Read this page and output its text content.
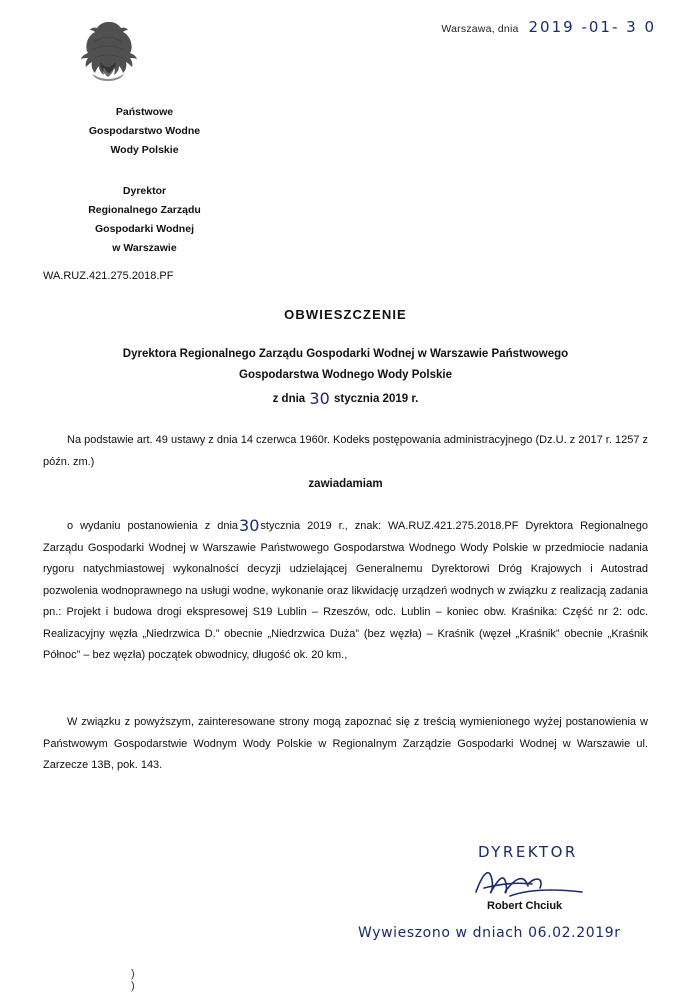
Warszawa, dnia 2019 -01- 3 0
Państwowe
Gospodarstwo Wodne
Wody Polskie
Dyrektor
Regionalnego Zarządu
Gospodarki Wodnej
w Warszawie
WA.RUZ.421.275.2018.PF
OBWIESZCZENIE
Dyrektora Regionalnego Zarządu Gospodarki Wodnej w Warszawie Państwowego
Gospodarstwa Wodnego Wody Polskie
z dnia 30 stycznia 2019 r.
Na podstawie art. 49 ustawy z dnia 14 czerwca 1960r. Kodeks postępowania administracyjnego (Dz.U. z 2017 r. 1257 z późn. zm.)
zawiadamiam
o wydaniu postanowienia z dnia30stycznia 2019 r., znak: WA.RUZ.421.275.2018.PF Dyrektora Regionalnego Zarządu Gospodarki Wodnej w Warszawie Państwowego Gospodarstwa Wodnego Wody Polskie w przedmiocie nadania rygoru natychmiastowej wykonalności decyzji udzielającej Generalnemu Dyrektorowi Dróg Krajowych i Autostrad pozwolenia wodnoprawnego na usługi wodne, wykonanie oraz likwidację urządzeń wodnych w związku z realizacją zadania pn.: Projekt i budowa drogi ekspresowej S19 Lublin – Rzeszów, odc. Lublin – koniec obw. Kraśnika: Część nr 2: odc. Realizacyjny węzła „Niedrzwica D.” obecnie „Niedrzwica Duża” (bez węzła) – Kraśnik (węzeł „Kraśnik” obecnie „Kraśnik Północ” – bez węzła) początek obwodnicy, długość ok. 20 km.,
W związku z powyższym, zainteresowane strony mogą zapoznać się z treścią wymienionego wyżej postanowienia w Państwowym Gospodarstwie Wodnym Wody Polskie w Regionalnym Zarządzie Gospodarki Wodnej w Warszawie ul. Zarzecze 13B, pok. 143.
DYREKTOR
Robert Chciuk
Wywieszono w dniach 06.02.2019r
)
)
